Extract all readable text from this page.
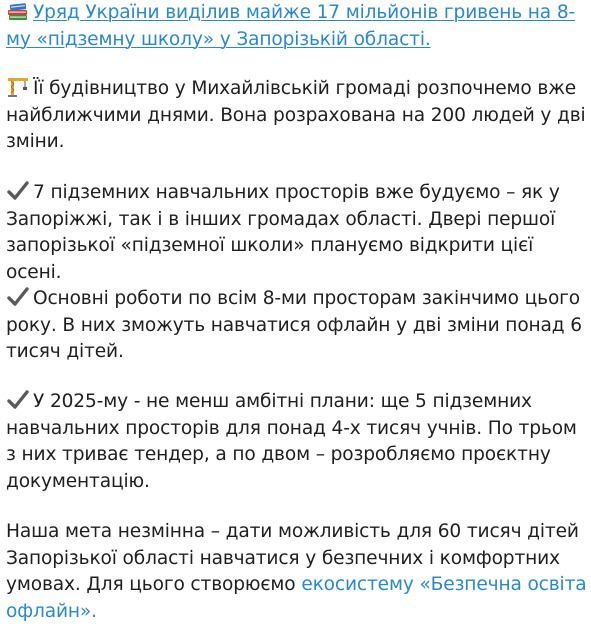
Уряд України виділив майже 17 мільйонів гривень на 8-му «підземну школу» у Запорізькій області.

Її будівництво у Михайлівській громаді розпочнемо вже найближчими днями. Вона розрахована на 200 людей у дві зміни.

7 підземних навчальних просторів вже будуємо – як у Запоріжжі, так і в інших громадах області. Двері першої запорізької «підземної школи» плануємо відкрити цієї осені.

Основні роботи по всім 8-ми просторам закінчимо цього року. В них зможуть навчатися офлайн у дві зміни понад 6 тисяч дітей.

У 2025-му - не менш амбітні плани: ще 5 підземних навчальних просторів для понад 4-х тисяч учнів. По трьом з них триває тендер, а по двом – розробляємо проєктну документацію.

Наша мета незмінна – дати можливість для 60 тисяч дітей Запорізької області навчатися у безпечних і комфортних умовах. Для цього створюємо екосистему «Безпечна освіта офлайн».
